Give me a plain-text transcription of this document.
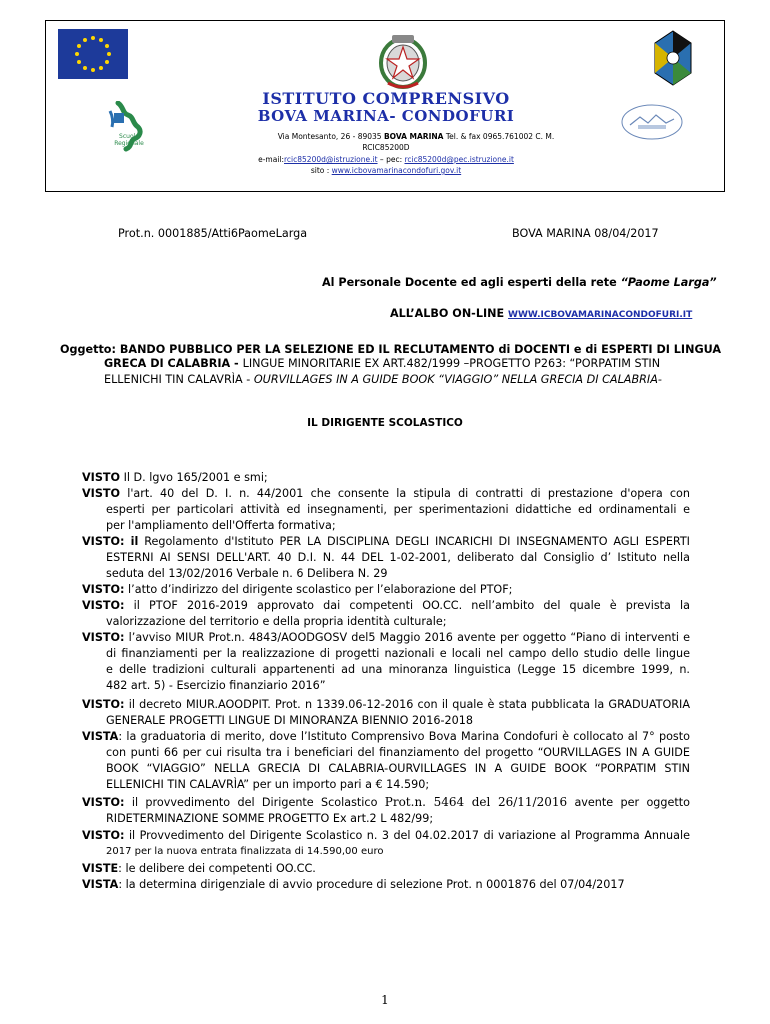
Scuola Regionale
ISTITUTO COMPRENSIVO
BOVA MARINA- CONDOFURI
Via Montesanto, 26 - 89035 BOVA MARINA Tel. & fax 0965.761002 C. M.
RCIC85200D
e-mail:rcic85200d@istruzione.it – pec: rcic85200d@pec.istruzione.it
sito : www.icbovamarinacondofuri.gov.it
Prot.n. 0001885/Atti6PaomeLarga	BOVA MARINA 08/04/2017
Al Personale Docente ed agli esperti della rete “Paome Larga”
ALL’ALBO ON-LINE WWW.ICBOVAMARINACONDOFURI.IT
Oggetto: BANDO PUBBLICO PER LA SELEZIONE ED IL RECLUTAMENTO di DOCENTI e di ESPERTI DI LINGUA
GRECA DI CALABRIA - LINGUE MINORITARIE EX ART.482/1999 –PROGETTO P263: “PORPATIM STIN
ELLENICHI TIN CALAVRÌA - OURVILLAGES IN A GUIDE BOOK “VIAGGIO” NELLA GRECIA DI CALABRIA-
IL DIRIGENTE SCOLASTICO
VISTO Il D. lgvo 165/2001 e smi;
VISTO l'art. 40 del D. I. n. 44/2001 che consente la stipula di contratti di prestazione d'opera con
esperti per particolari attività ed insegnamenti, per sperimentazioni didattiche ed ordinamentali e
per l'ampliamento dell'Offerta formativa;
VISTO: il Regolamento d'Istituto PER LA DISCIPLINA DEGLI INCARICHI DI INSEGNAMENTO AGLI ESPERTI
ESTERNI AI SENSI DELL'ART. 40 D.I. N. 44 DEL 1-02-2001, deliberato dal Consiglio d’ Istituto nella
seduta del 13/02/2016 Verbale n. 6 Delibera N. 29
VISTO: l’atto d’indirizzo del dirigente scolastico per l’elaborazione del PTOF;
VISTO: il PTOF 2016-2019 approvato dai competenti OO.CC. nell’ambito del quale è prevista la
valorizzazione del territorio e della propria identità culturale;
VISTO: l’avviso MIUR Prot.n. 4843/AOODGOSV del5 Maggio 2016 avente per oggetto “Piano di interventi e
di finanziamenti per la realizzazione di progetti nazionali e locali nel campo dello studio delle lingue
e delle tradizioni culturali appartenenti ad una minoranza linguistica (Legge 15 dicembre 1999, n.
482 art. 5) - Esercizio finanziario 2016”
VISTO: il decreto MIUR.AOODPIT. Prot. n 1339.06-12-2016 con il quale è stata pubblicata la GRADUATORIA
GENERALE PROGETTI LINGUE DI MINORANZA BIENNIO 2016-2018
VISTA: la graduatoria di merito, dove l’Istituto Comprensivo Bova Marina Condofuri è collocato al 7° posto
con punti 66 per cui risulta tra i beneficiari del finanziamento del progetto “OURVILLAGES IN A GUIDE
BOOK “VIAGGIO” NELLA GRECIA DI CALABRIA-OURVILLAGES IN A GUIDE BOOK “PORPATIM STIN
ELLENICHI TIN CALAVRÌA” per un importo pari a € 14.590;
VISTO: il provvedimento del Dirigente Scolastico Prot.n. 5464 del 26/11/2016 avente per oggetto
RIDETERMINAZIONE SOMME PROGETTO Ex art.2 L 482/99;
VISTO: il Provvedimento del Dirigente Scolastico n. 3 del 04.02.2017 di variazione al Programma Annuale
2017 per la nuova entrata finalizzata di 14.590,00 euro
VISTE: le delibere dei competenti OO.CC.
VISTA: la determina dirigenziale di avvio procedure di selezione Prot. n 0001876 del 07/04/2017
1
